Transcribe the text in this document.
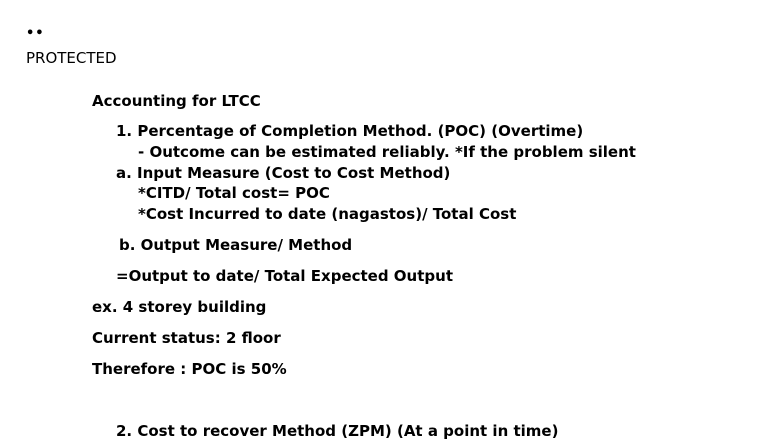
••
PROTECTED
Accounting for LTCC
1. Percentage of Completion Method. (POC) (Overtime)
- Outcome can be estimated reliably. *If the problem silent
a. Input Measure (Cost to Cost Method)
*CITD/ Total cost= POC
*Cost Incurred to date (nagastos)/ Total Cost
b. Output Measure/ Method
=Output to date/ Total Expected Output
ex. 4 storey building
Current status: 2 floor
Therefore : POC is 50%
2. Cost to recover Method (ZPM) (At a point in time)
